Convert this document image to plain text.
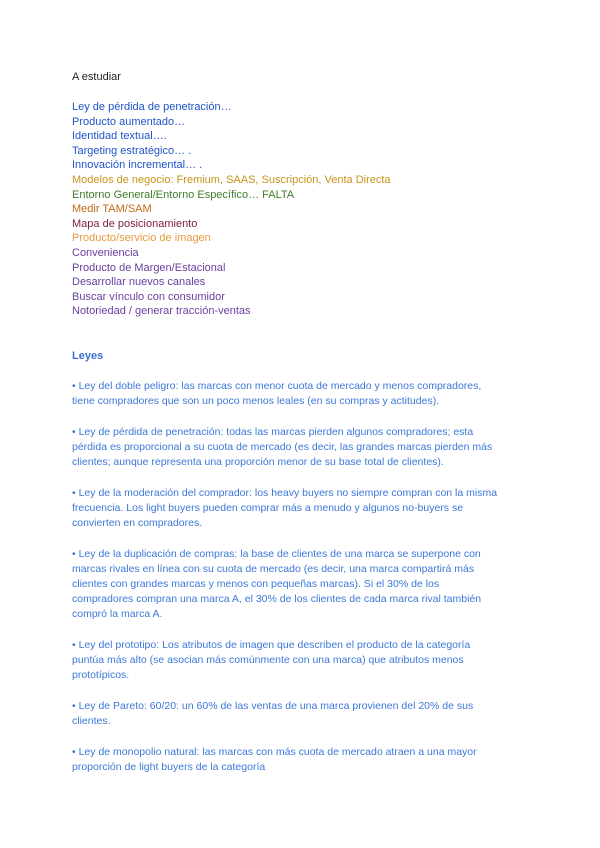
A estudiar

Ley de pérdida de penetración…
Producto aumentado…
Identidad textual….
Targeting estratégico… .
Innovación incremental… .
Modelos de negocio: Fremium, SAAS, Suscripción, Venta Directa
Entorno General/Entorno Específico… FALTA
Medir TAM/SAM
Mapa de posicionamiento
Producto/servicio de imagen
Conveniencia
Producto de Margen/Estacional
Desarrollar nuevos canales
Buscar vínculo con consumidor
Notoriedad / generar tracción-ventas
Leyes

• Ley del doble peligro: las marcas con menor cuota de mercado y menos compradores,
tiene compradores que son un poco menos leales (en su compras y actitudes).

• Ley de pérdida de penetración: todas las marcas pierden algunos compradores; esta
pérdida es proporcional a su cuota de mercado (es decir, las grandes marcas pierden más
clientes; aunque representa una proporción menor de su base total de clientes).

• Ley de la moderación del comprador: los heavy buyers no siempre compran con la misma
frecuencia. Los light buyers pueden comprar más a menudo y algunos no-buyers se
convierten en compradores.

• Ley de la duplicación de compras: la base de clientes de una marca se superpone con
marcas rivales en línea con su cuota de mercado (es decir, una marca compartirá más
clientes con grandes marcas y menos con pequeñas marcas). Si el 30% de los
compradores compran una marca A, el 30% de los clientes de cada marca rival también
compró la marca A.

• Ley del prototipo: Los atributos de imagen que describen el producto de la categoría
puntúa más alto (se asocian más comúnmente con una marca) que atributos menos
prototípicos.

• Ley de Pareto: 60/20: un 60% de las ventas de una marca provienen del 20% de sus
clientes.

• Ley de monopolio natural: las marcas con más cuota de mercado atraen a una mayor
proporción de light buyers de la categoría
